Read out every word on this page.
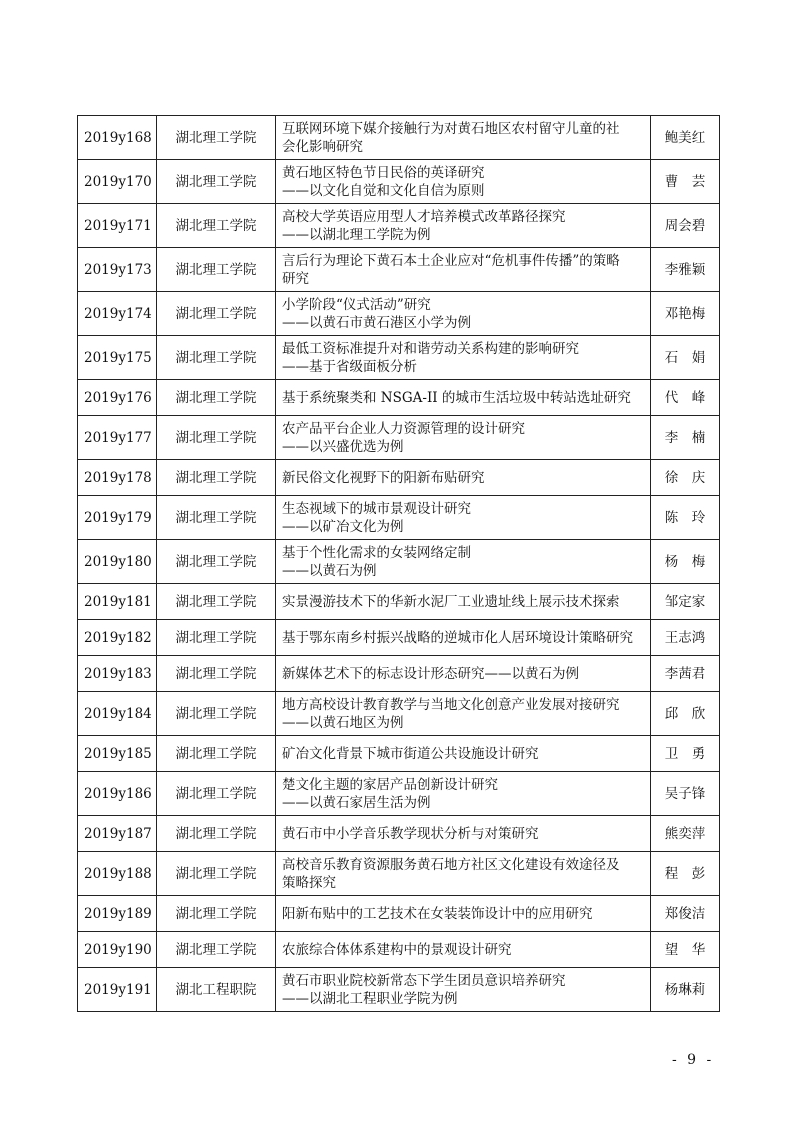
2019y168	湖北理工学院	互联网环境下媒介接触行为对黄石地区农村留守儿童的社
会化影响研究	鲍美红
2019y170	湖北理工学院	黄石地区特色节日民俗的英译研究
——以文化自觉和文化自信为原则	曹　芸
2019y171	湖北理工学院	高校大学英语应用型人才培养模式改革路径探究
——以湖北理工学院为例	周会碧
2019y173	湖北理工学院	言后行为理论下黄石本土企业应对“危机事件传播”的策略
研究	李雅颖
2019y174	湖北理工学院	小学阶段“仪式活动”研究
——以黄石市黄石港区小学为例	邓艳梅
2019y175	湖北理工学院	最低工资标准提升对和谐劳动关系构建的影响研究
——基于省级面板分析	石　娟
2019y176	湖北理工学院	基于系统聚类和 NSGA-II 的城市生活垃圾中转站选址研究	代　峰
2019y177	湖北理工学院	农产品平台企业人力资源管理的设计研究
——以兴盛优选为例	李　楠
2019y178	湖北理工学院	新民俗文化视野下的阳新布贴研究	徐　庆
2019y179	湖北理工学院	生态视域下的城市景观设计研究
——以矿冶文化为例	陈　玲
2019y180	湖北理工学院	基于个性化需求的女装网络定制
——以黄石为例	杨　梅
2019y181	湖北理工学院	实景漫游技术下的华新水泥厂工业遗址线上展示技术探索	邹定家
2019y182	湖北理工学院	基于鄂东南乡村振兴战略的逆城市化人居环境设计策略研究	王志鸿
2019y183	湖北理工学院	新媒体艺术下的标志设计形态研究——以黄石为例	李茜君
2019y184	湖北理工学院	地方高校设计教育教学与当地文化创意产业发展对接研究
——以黄石地区为例	邱　欣
2019y185	湖北理工学院	矿冶文化背景下城市街道公共设施设计研究	卫　勇
2019y186	湖北理工学院	楚文化主题的家居产品创新设计研究
——以黄石家居生活为例	吴子锋
2019y187	湖北理工学院	黄石市中小学音乐教学现状分析与对策研究	熊奕萍
2019y188	湖北理工学院	高校音乐教育资源服务黄石地方社区文化建设有效途径及
策略探究	程　彭
2019y189	湖北理工学院	阳新布贴中的工艺技术在女装装饰设计中的应用研究	郑俊洁
2019y190	湖北理工学院	农旅综合体体系建构中的景观设计研究	望　华
2019y191	湖北工程职院	黄石市职业院校新常态下学生团员意识培养研究
——以湖北工程职业学院为例	杨琳莉
- 9 -
